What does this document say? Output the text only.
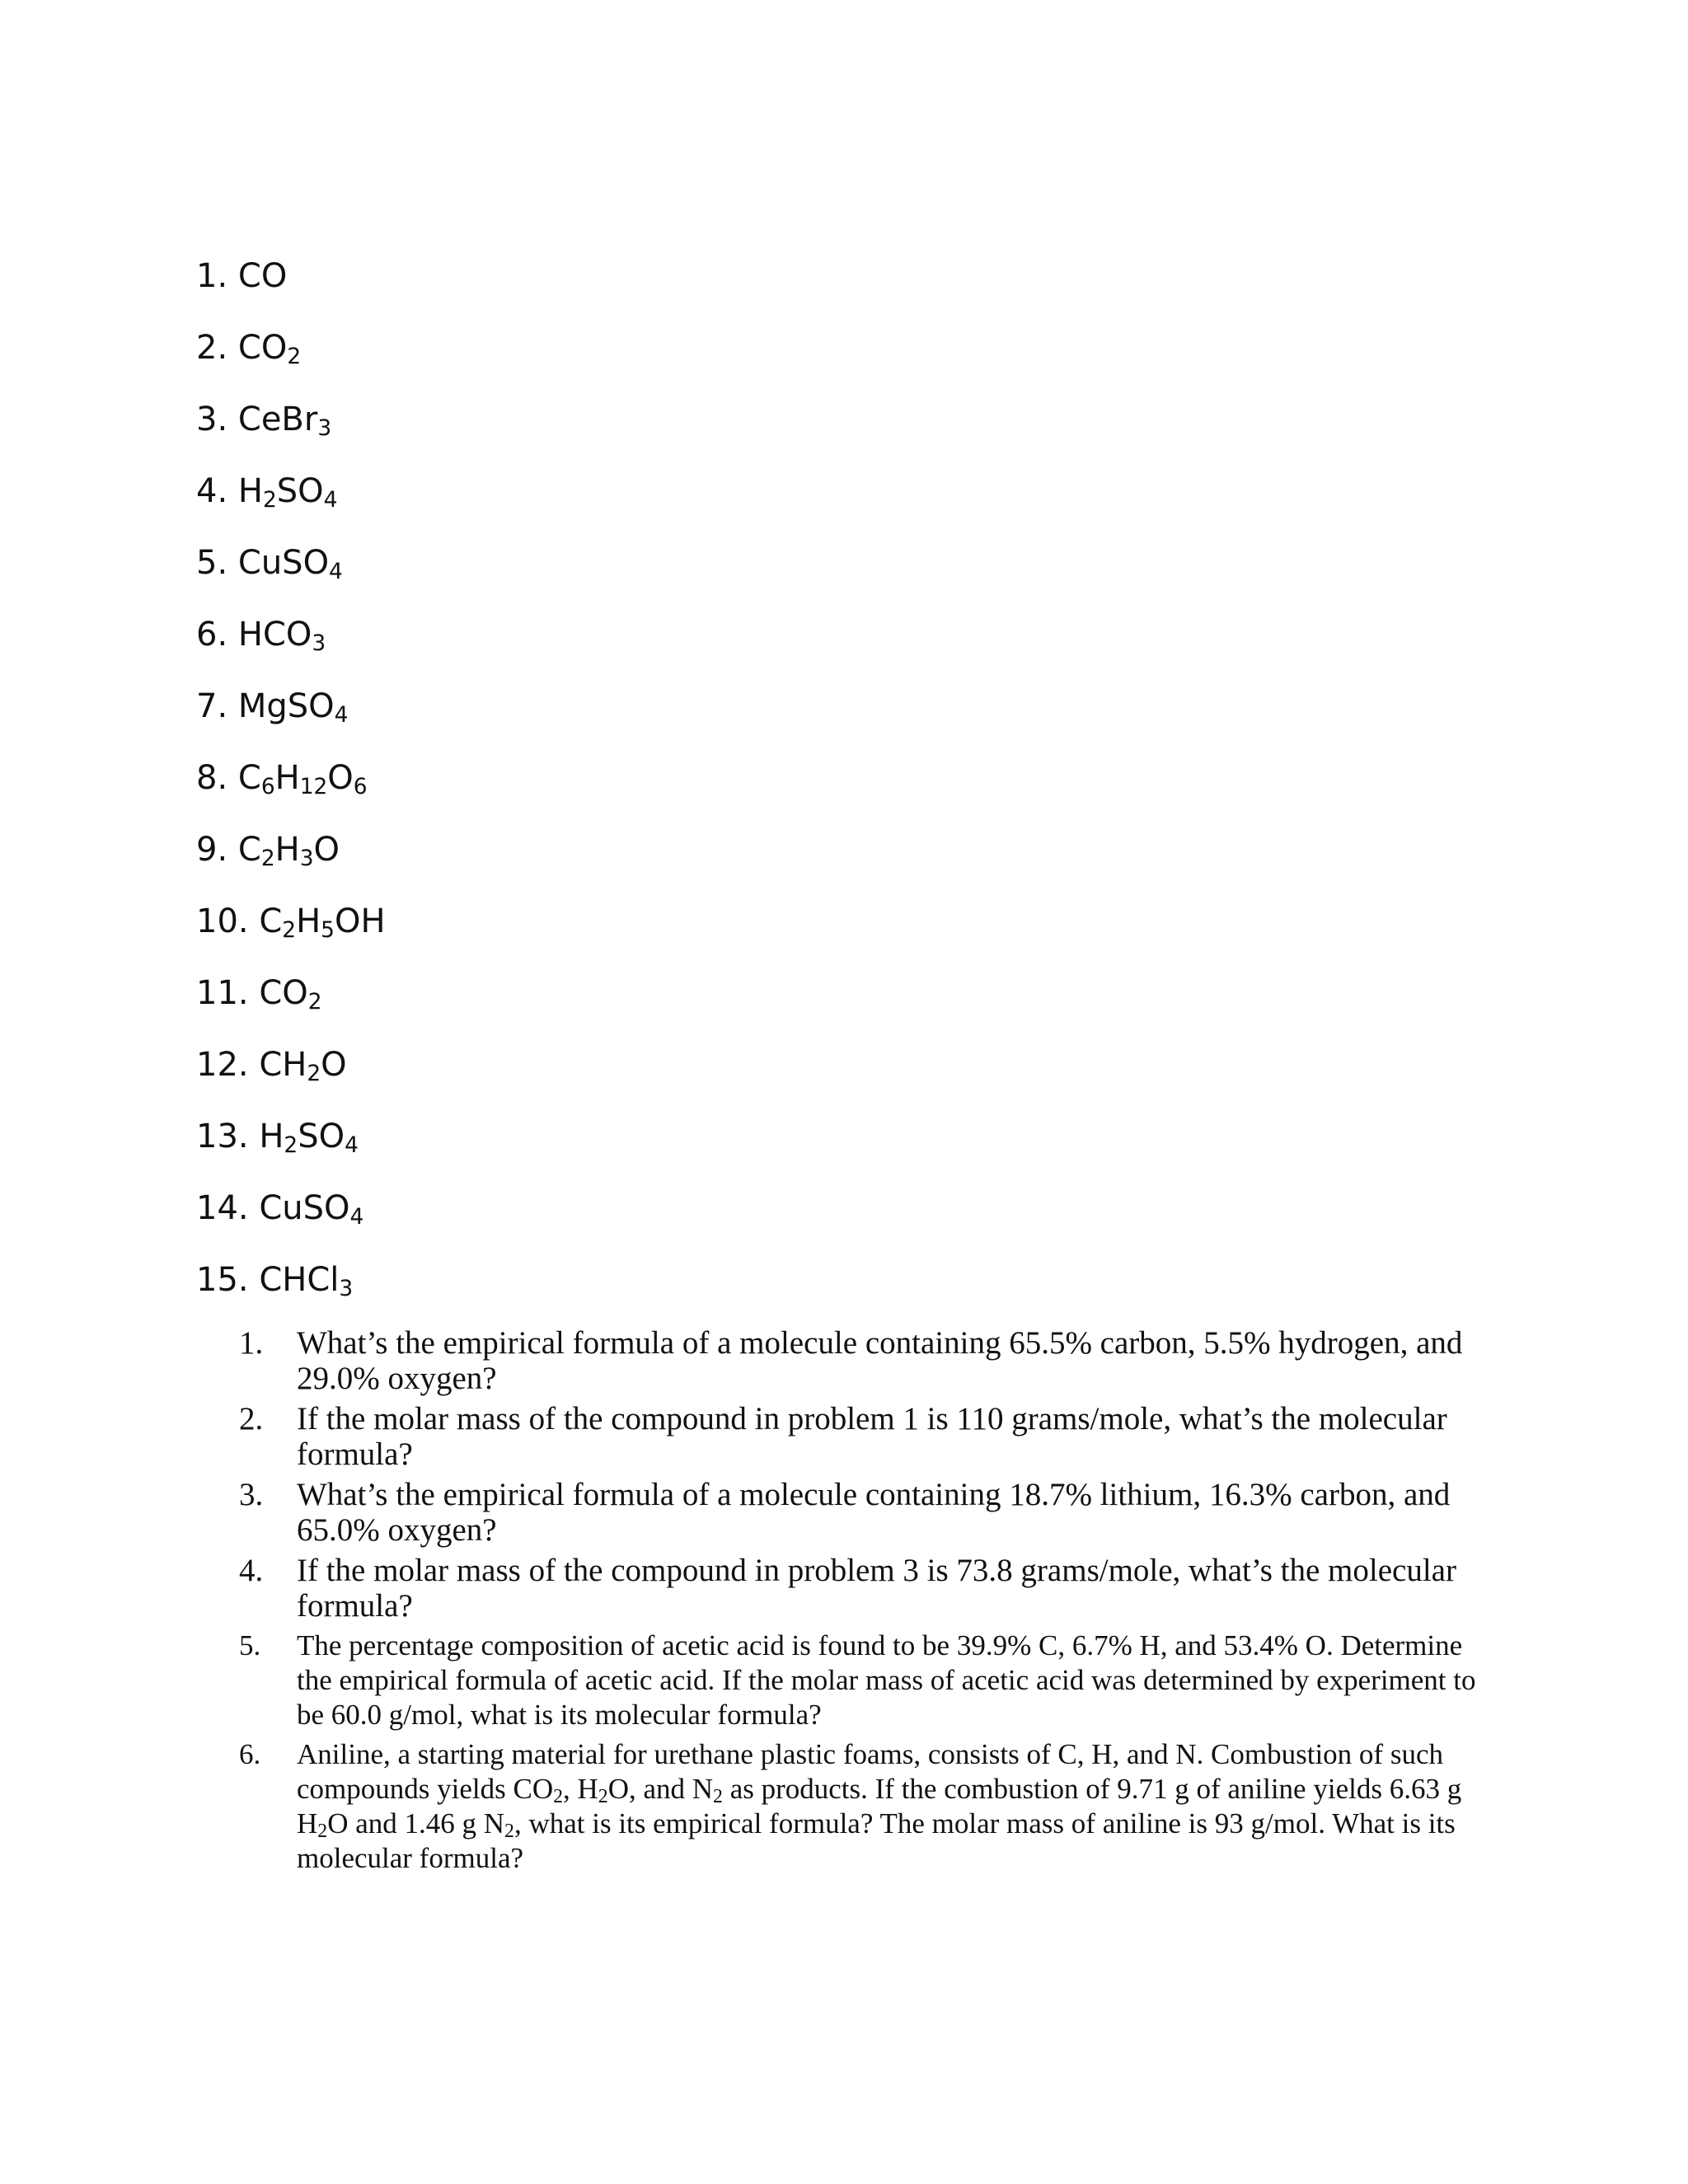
1. CO
2. $CO_2$
3. CeBr$_3$
4. $H_2SO_4$
5. CuSO$_4$
6. $HCO_3$
7. MgSO$_4$
8. $C_6H_{12}O_6$
9. $C_2H_3O$
10. $C_2H_5OH$
11. $CO_2$
12. $CH_2O$
13. $H_2SO_4$
14. CuSO$_4$
15. CHCl$_3$
1.	What’s the empirical formula of a molecule containing 65.5% carbon, 5.5% hydrogen, and 29.0% oxygen?
2.	If the molar mass of the compound in problem 1 is 110 grams/mole, what’s the molecular formula?
3.	What’s the empirical formula of a molecule containing 18.7% lithium, 16.3% carbon, and 65.0% oxygen?
4.	If the molar mass of the compound in problem 3 is 73.8 grams/mole, what’s the molecular formula?
5.	The percentage composition of acetic acid is found to be 39.9% C, 6.7% H, and 53.4% O. Determine the empirical formula of acetic acid. If the molar mass of acetic acid was determined by experiment to be 60.0 g/mol, what is its molecular formula?
6.	Aniline, a starting material for urethane plastic foams, consists of C, H, and N. Combustion of such compounds yields $CO_2$, $H_2O$, and $N_2$ as products. If the combustion of 9.71 g of aniline yields 6.63 g $H_2O$ and 1.46 g $N_2$, what is its empirical formula? The molar mass of aniline is 93 g/mol. What is its molecular formula?
